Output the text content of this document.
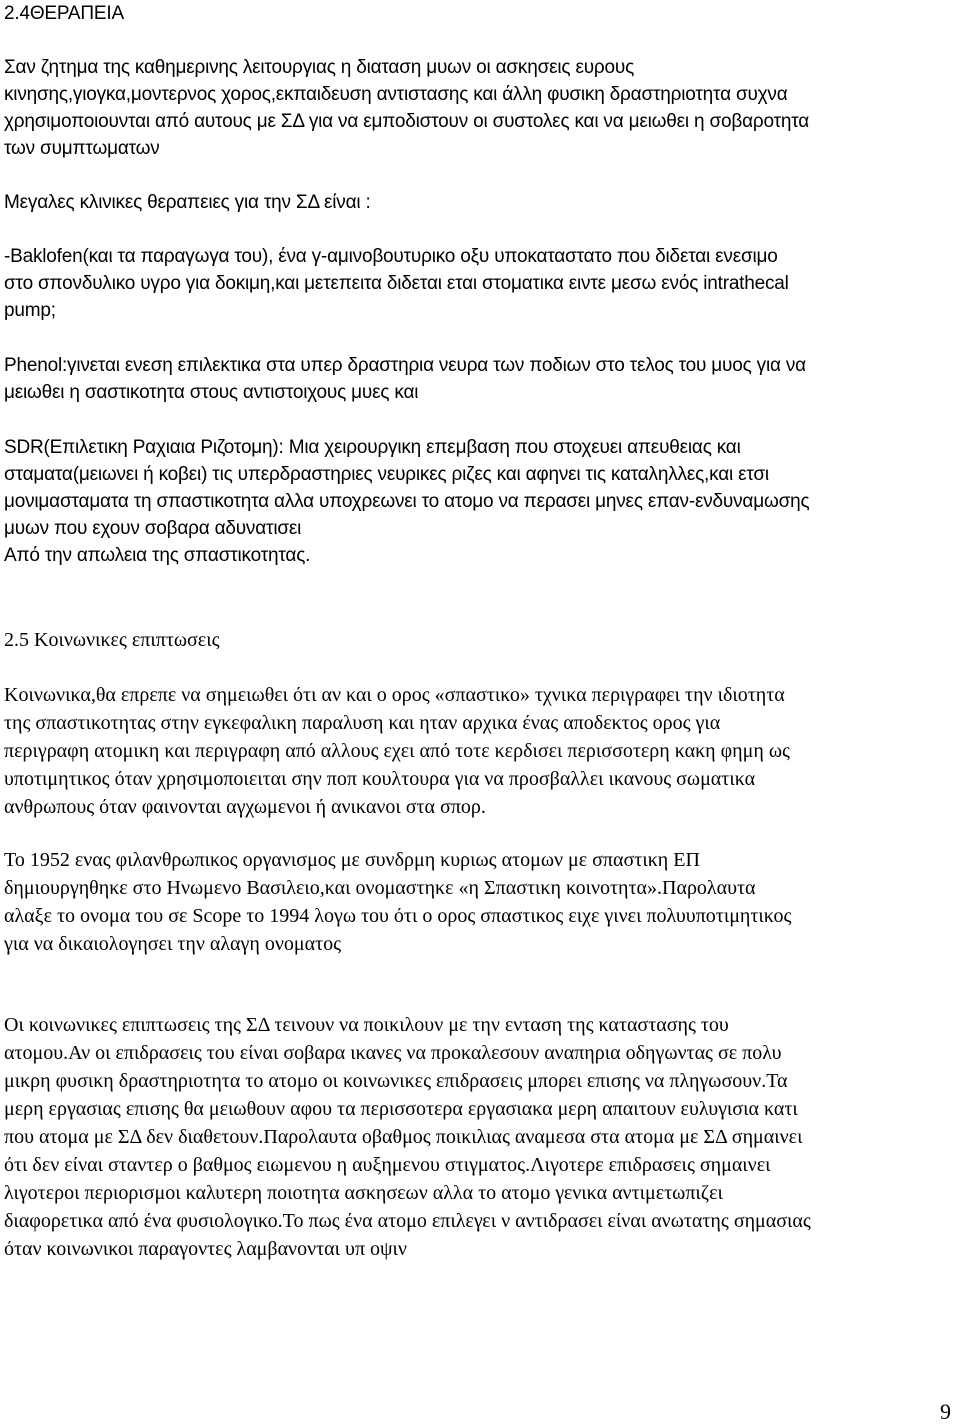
2.4ΘΕΡΑΠΕΙΑ
Σαν ζητημα της καθημερινης λειτουργιας η διαταση μυων οι ασκησεις ευρους
κινησης,γιογκα,μοντερνος χορος,εκπαιδευση αντιστασης και άλλη φυσικη δραστηριοτητα συχνα
χρησιμοποιουνται από αυτους με ΣΔ για να εμποδιστουν οι συστολες και να μειωθει η σοβαροτητα
των συμπτωματων
Μεγαλες κλινικες θεραπειες για την ΣΔ είναι :
-Baklofen(και τα παραγωγα του), ένα γ-αμινοβουτυρικο οξυ υποκαταστατο που διδεται ενεσιμο
στο σπονδυλικο υγρο για δοκιμη,και μετεπειτα διδεται εται στοματικα ειντε μεσω ενός intrathecal
pump;
Phenol:γινεται ενεση επιλεκτικα στα υπερ δραστηρια νευρα των ποδιων στο τελος του μυος για να
μειωθει η σαστικοτητα στους αντιστοιχους μυες και
SDR(Επιλετικη Ραχιαια Ριζοτομη): Μια χειρουργικη επεμβαση που στοχευει απευθειας και
σταματα(μειωνει ή κοβει) τις υπερδραστηριες νευρικες ριζες και αφηνει τις καταληλλες,και ετσι
μονιμασταματα τη σπαστικοτητα αλλα υποχρεωνει το ατομο να περασει μηνες επαν-ενδυναμωσης
μυων που εχουν σοβαρα αδυνατισει
Από την απωλεια της σπαστικοτητας.
2.5 Κοινωνικες επιπτωσεις
Κοινωνικα,θα επρεπε να σημειωθει ότι αν και ο ορος «σπαστικο» τχνικα περιγραφει την ιδιοτητα
της σπαστικοτητας στην εγκεφαλικη παραλυση και ηταν αρχικα ένας αποδεκτος ορος για
περιγραφη ατομικη και περιγραφη από αλλους εχει από τοτε κερδισει περισσοτερη κακη φημη ως
υποτιμητικος όταν χρησιμοποιειται σην ποπ κουλτουρα για να προσβαλλει ικανους σωματικα
ανθρωπους όταν φαινονται αγχωμενοι ή ανικανοι στα σπορ.
Το 1952 ενας φιλανθρωπικος οργανισμος με συνδρμη κυριως ατομων με σπαστικη ΕΠ
δημιουργηθηκε στο Ηνωμενο Βασιλειο,και ονομαστηκε «η Σπαστικη κοινοτητα».Παρολαυτα
αλαξε το ονομα του σε Scope το 1994 λογω του ότι ο ορος σπαστικος ειχε γινει πολυυποτιμητικος
για να δικαιολογησει την αλαγη ονοματος
Οι κοινωνικες επιπτωσεις της ΣΔ τεινουν να ποικιλουν με την ενταση της καταστασης του
ατομου.Αν οι επιδρασεις του είναι σοβαρα ικανες να προκαλεσουν αναπηρια οδηγωντας σε πολυ
μικρη φυσικη δραστηριοτητα το ατομο οι κοινωνικες επιδρασεις μπορει επισης να πληγωσουν.Τα
μερη εργασιας επισης θα μειωθουν αφου τα περισσοτερα εργασιακα μερη απαιτουν ευλυγισια κατι
που ατομα με ΣΔ δεν διαθετουν.Παρολαυτα οβαθμος ποικιλιας αναμεσα στα ατομα με ΣΔ σημαινει
ότι δεν είναι σταντερ ο βαθμος ειωμενου η αυξημενου στιγματος.Λιγοτερε επιδρασεις σημαινει
λιγοτεροι περιορισμοι καλυτερη ποιοτητα ασκησεων αλλα το ατομο γενικα αντιμετωπιζει
διαφορετικα από ένα φυσιολογικο.Το πως ένα ατομο επιλεγει ν αντιδρασει είναι ανωτατης σημασιας
όταν κοινωνικοι παραγοντες λαμβανονται υπ οψιν
9
